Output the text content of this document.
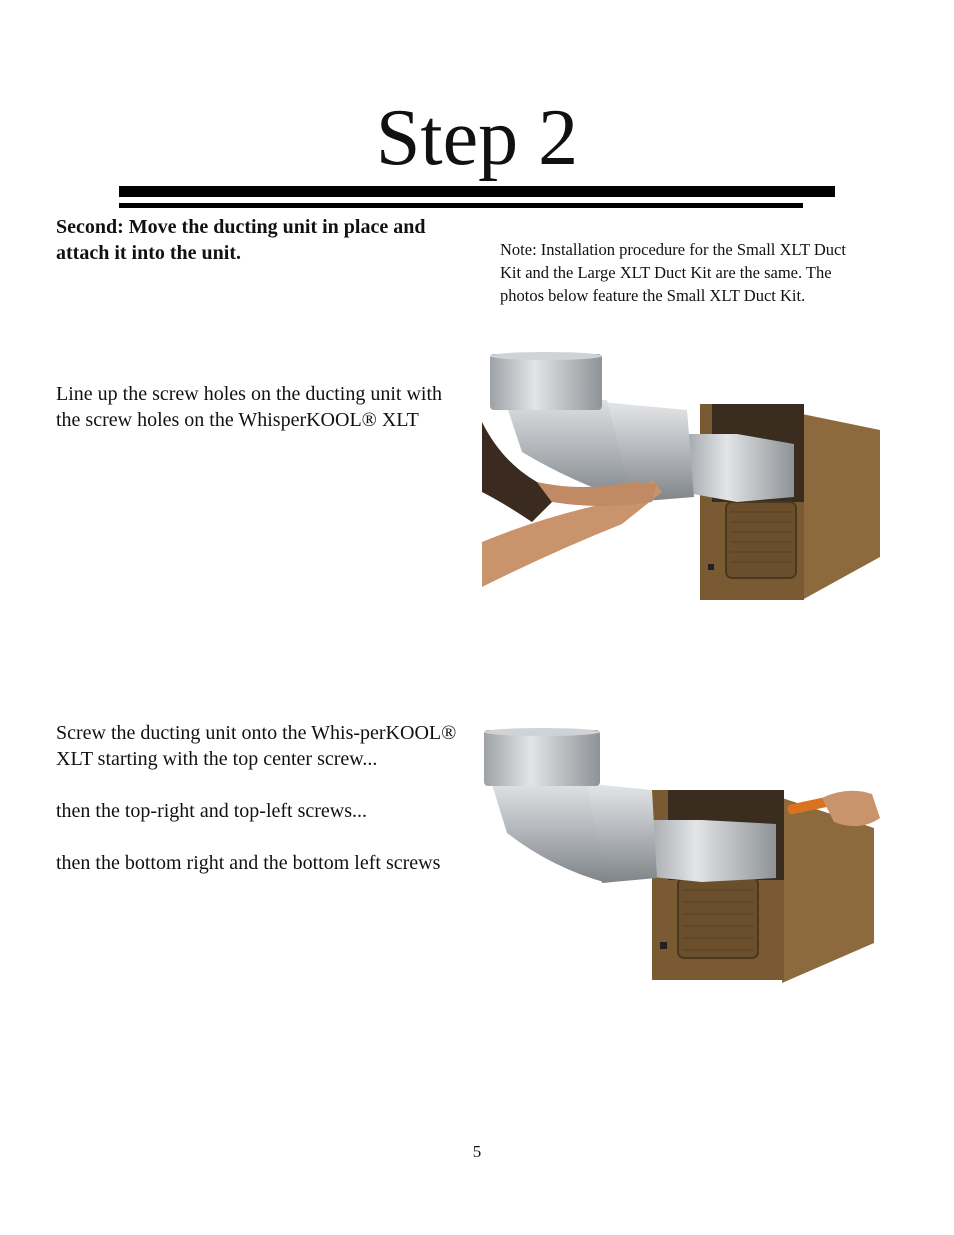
Step 2
Second: Move the ducting unit in place and attach it into the unit.	Note: Installation procedure for the Small XLT Duct Kit and the Large XLT Duct Kit are the same. The photos below feature the Small XLT Duct Kit.
Line up the screw holes on the ducting unit with the screw holes on the WhisperKOOL® XLT
Screw the ducting unit onto the Whis-perKOOL® XLT starting with the top center screw...
then the top-right and top-left screws...
then the bottom right and the bottom left screws
5
